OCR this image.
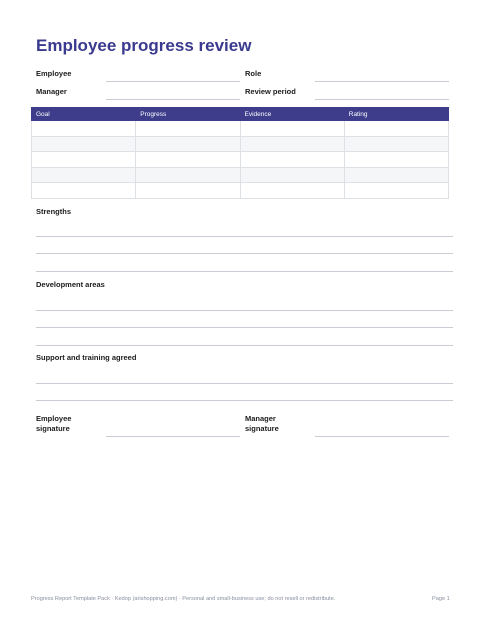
Employee progress review
Employee	Role
Manager	Review period
Goal	Progress	Evidence	Rating

Strengths
Development areas
Support and training agreed
Employee
signature
Manager
signature
Progress Report Template Pack · Kedop (arishopping.com) · Personal and small-business use; do not resell or redistribute.	Page 1
